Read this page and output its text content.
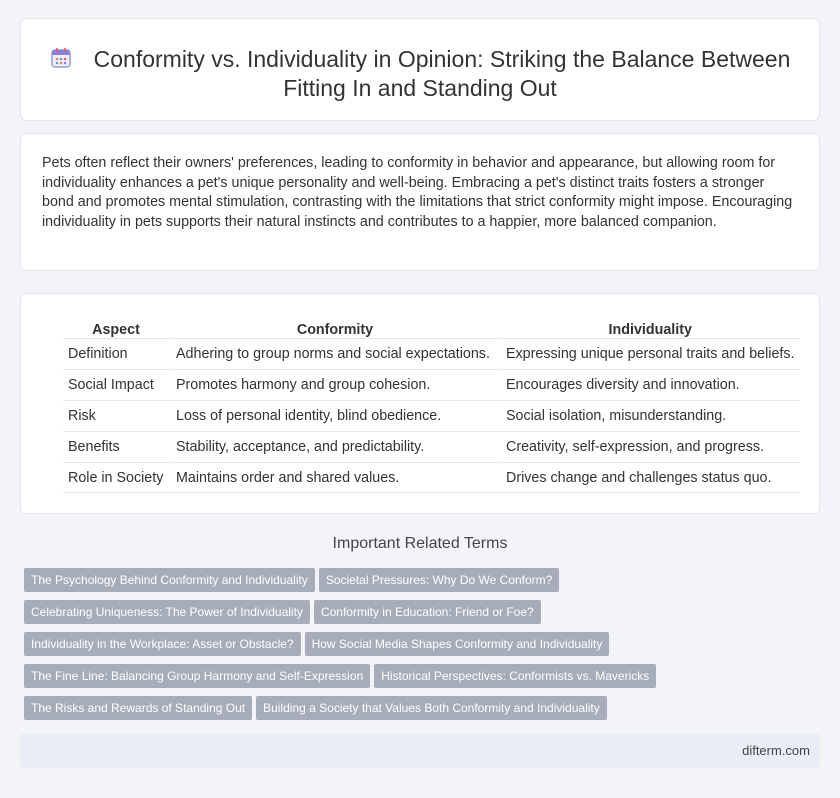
Conformity vs. Individuality in Opinion: Striking the Balance Between Fitting In and Standing Out

Pets often reflect their owners' preferences, leading to conformity in behavior and appearance, but allowing room for individuality enhances a pet's unique personality and well-being. Embracing a pet's distinct traits fosters a stronger bond and promotes mental stimulation, contrasting with the limitations that strict conformity might impose. Encouraging individuality in pets supports their natural instincts and contributes to a happier, more balanced companion.

Aspect	Conformity	Individuality
Definition	Adhering to group norms and social expectations.	Expressing unique personal traits and beliefs.
Social Impact	Promotes harmony and group cohesion.	Encourages diversity and innovation.
Risk	Loss of personal identity, blind obedience.	Social isolation, misunderstanding.
Benefits	Stability, acceptance, and predictability.	Creativity, self-expression, and progress.
Role in Society	Maintains order and shared values.	Drives change and challenges status quo.
Important Related Terms
The Psychology Behind Conformity and Individuality Societal Pressures: Why Do We Conform?
Celebrating Uniqueness: The Power of Individuality Conformity in Education: Friend or Foe?
Individuality in the Workplace: Asset or Obstacle? How Social Media Shapes Conformity and Individuality
The Fine Line: Balancing Group Harmony and Self-Expression Historical Perspectives: Conformists vs. Mavericks
The Risks and Rewards of Standing Out Building a Society that Values Both Conformity and Individuality
difterm.com
